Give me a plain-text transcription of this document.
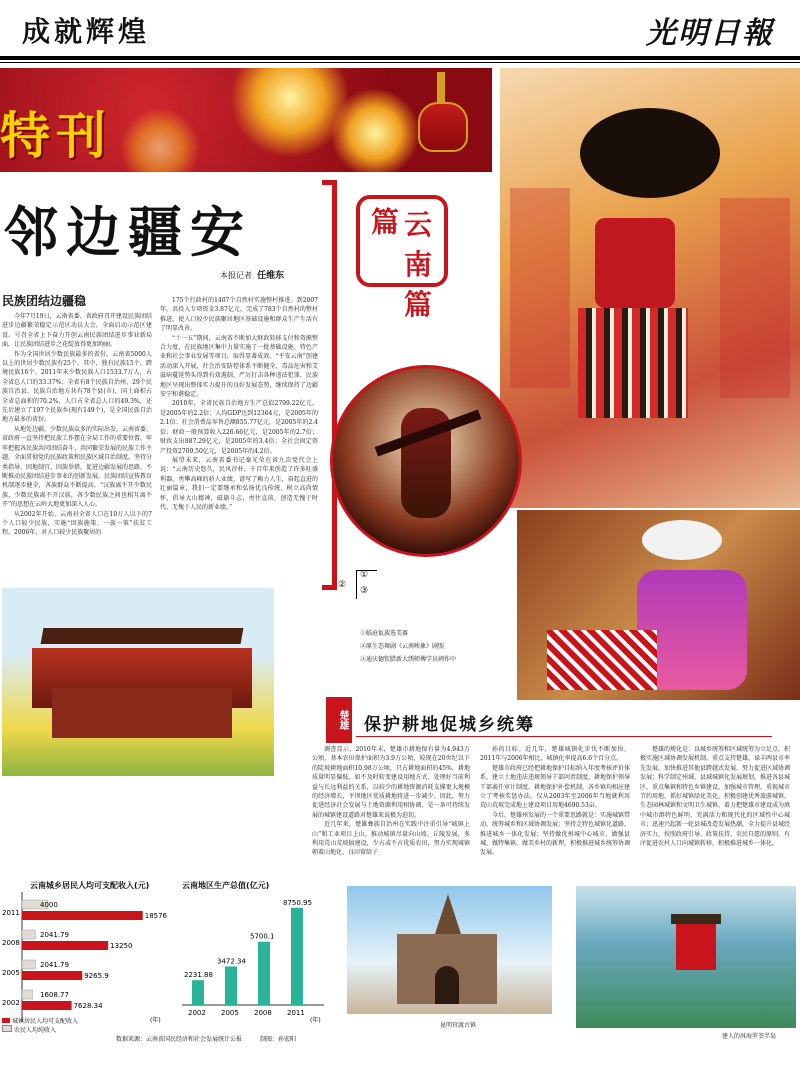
成就辉煌	光明日報
特刊
邻边疆安	云南篇
篇
本报记者 任维东
民族团结边疆稳

今年7月19日，云南省委、省政府召开建设民族团结进步边疆繁荣稳定示范区动员大会，全面启动示范区建设。号召全省上下奋力开创云南民族团结进步事业新局面，让民族团结进步之花绽放得更加绚丽。

作为全国世居少数民族最多的省份，云南省5000人以上的世居少数民族有25个，其中，独有民族15个，跨境民族16个。2011年末少数民族人口1533.7万人，占全省总人口的33.37%；全省有8个民族自治州、29个民族自治县，民族自治地方共有78个县(市)，国土面积占全省总面积的70.2%，人口占全省总人口的49.3%，还先后建立了197个民族乡(现有149个)，是全国民族自治地方最多的省份。

从地处边疆、少数民族众多的实际出发，云南省委、省政府一直坚持把民族工作摆在全局工作的重要位置，牢牢把握各民族共同团结奋斗、共同繁荣发展的民族工作主题，全面贯彻党的民族政策和民族区域自治制度，坚持分类指导、因地制宜、因族举措，促进边疆发展的思路，不断推动民族团结进步事业的创新发展，民族团结宣传教育机制逐步健全，各族群众不断提高，“汉族离不开少数民族，少数民族离不开汉族，各少数民族之间也相互离不开”的思想在云岭大地更加深入人心。

从2002年开始，云南对全省人口在10万人以下的7个人口较少民族，实施“因族施策、一族一策”扶贫工程。2006年，对人口较少民族聚居的

175个行政村的1407个自然村实施整村推进。到2007年，共投入专项资金3.87亿元，完成了783个自然村的整村推进，使人口较少民族聚居地区基础设施和群众生产生活有了明显改善。

“十一五”期间，云南省不断加大财政转移支付和资源整合力度，在民族地区集中力量实施了一批基础设施、特色产业和社会事业发展等项目，取得显著成效。“平安云南”创建活动深入开展，社会治安防控体系不断健全，毒品危害和艾滋病蔓延势头得到有效遏制，严厉打击各种违法犯罪，民族地区呈现出整体实力提升的良好发展态势，继续保持了边疆安宁和谐稳定。

2010年，全省民族自治地方生产总值2799.22亿元，是2005年的2.2倍；人均GDP达到12364元，是2005年的2.1倍；社会消费品零售总额855.77亿元，是2005年的2.4倍；财政一般预算收入226.66亿元，是2005年的2.7倍；财政支出887.29亿元，是2005年的3.4倍；全社会固定资产投资2709.50亿元，是2005年的4.2倍。

展望未来，云南省委书记秦光荣在省九次党代会上说：“云南历史悠久，民风淳朴，千百年来创造了许多旺盛利器，勇攀高峰的骄人业绩，谱写了赖力人生，奋起直进的壮丽篇章，我们一定要继承和弘扬优良传统，树立高尚情怀，倡导大山精神，砥砺斗志，勇往直前，创造无愧于时代、无愧于人民的新业绩。”

②
①
③
①临沧佤族选美赛
②原生态舞剧《云南映象》剧照
③迪庆德钦腊新大绣师傅学员刺作中
楚雄 保护耕地促城乡统筹

调查显示，2010年末，楚雄市耕地保有量为4.943万公顷，基本农田保护面积为3.9万公顷，较现在20世纪以下的陡坡耕地面积10.98万公顷，只占耕地面积的45%，耕地质量明显偏低。如不及时转变建设用地方式，处理好当前利益与长远利益的关系，以较少的耕地资源消耗支撑更大规模的经济增长，平坝地区优质耕地将进一步减少。因此，努力促进经济社会发展与土地资源利用相协调，是一条可持续发展的城镇建设道路对楚雄来说极为迫切。

近几年来，楚雄彝族自治州在实践中注重引导“城镇上山”和工业项目上山，推动城镇尽量向山坡、丘陵发展，多利用荒山荒坡搞建设，少占或不占优质农田，努力实现城镇朝着山地化、良田留给子

孙的目标。近几年，楚雄城镇化步伐不断加快，2011年与2006年相比，城镇化率提高6.6个百分点。

楚雄市政府已经把耕地保护目标纳入年度考核评价体系，建立土地违法违规领导干部问责制度，耕地保护领导干部离任审计制度，耕地保护补偿机制，各乡镇均相应建立了考核奖惩办法。仅从2003年至2006年当地就利用荒山荒坡完成地上建设项目用地4690.53亩。

今后，楚雄州发展的一个重要思路就是：实施城镇带动，统筹城乡和区域协调发展；坚持走特色城镇化道路，推进城乡一体化发展；坚持做优州城中心城市，做强县城，做特集镇，做美乡村的新理，积极推进城乡统筹协调发展。

楚雄的规化是：以城乡统筹和区域统筹为立足点，积极实施区域协调发展机制，重点支持楚雄、禄丰两县市率先发展，加快推进其他县跨越式发展，努力促进区域协调发展；科学制定州域、县域城镇化发展规划，推进各县城区、重点集镇和特色乡镇建设，加强城市管理，重视城市节约用地，抓好城镇绿化美化，积极创建优秀旅游城镇，生态园林城镇和文明卫生城镇，着力把楚雄市建设成为滇中城市群特色鲜明、充满活力和现代化的区域性中心城市；迅速兴起新一轮县城改造发展热潮，全力提升县城经济实力，按照政府引导、政策扶持、农民自愿的原则，有序促进农村人口向城镇转移，积极推进城乡一体化。

云南城乡居民人均可支配收入(元)
2011
4000
18576
2008
2041.79
13250
2005
2041.79
9265.9
2002
1608.77
7628.34
(年)
云南地区生产总值(亿元)
2231.88
2002
3472.34
2005
5700.1
2008
8750.95
2011
(年)
城镇居民人均可支配收入
农民人均纯收入
昆明官渡古镇
建人的洱海罗荃半岛
数据来源：云南省国民经济和社会发展统计公报	制图：孙宏阳
